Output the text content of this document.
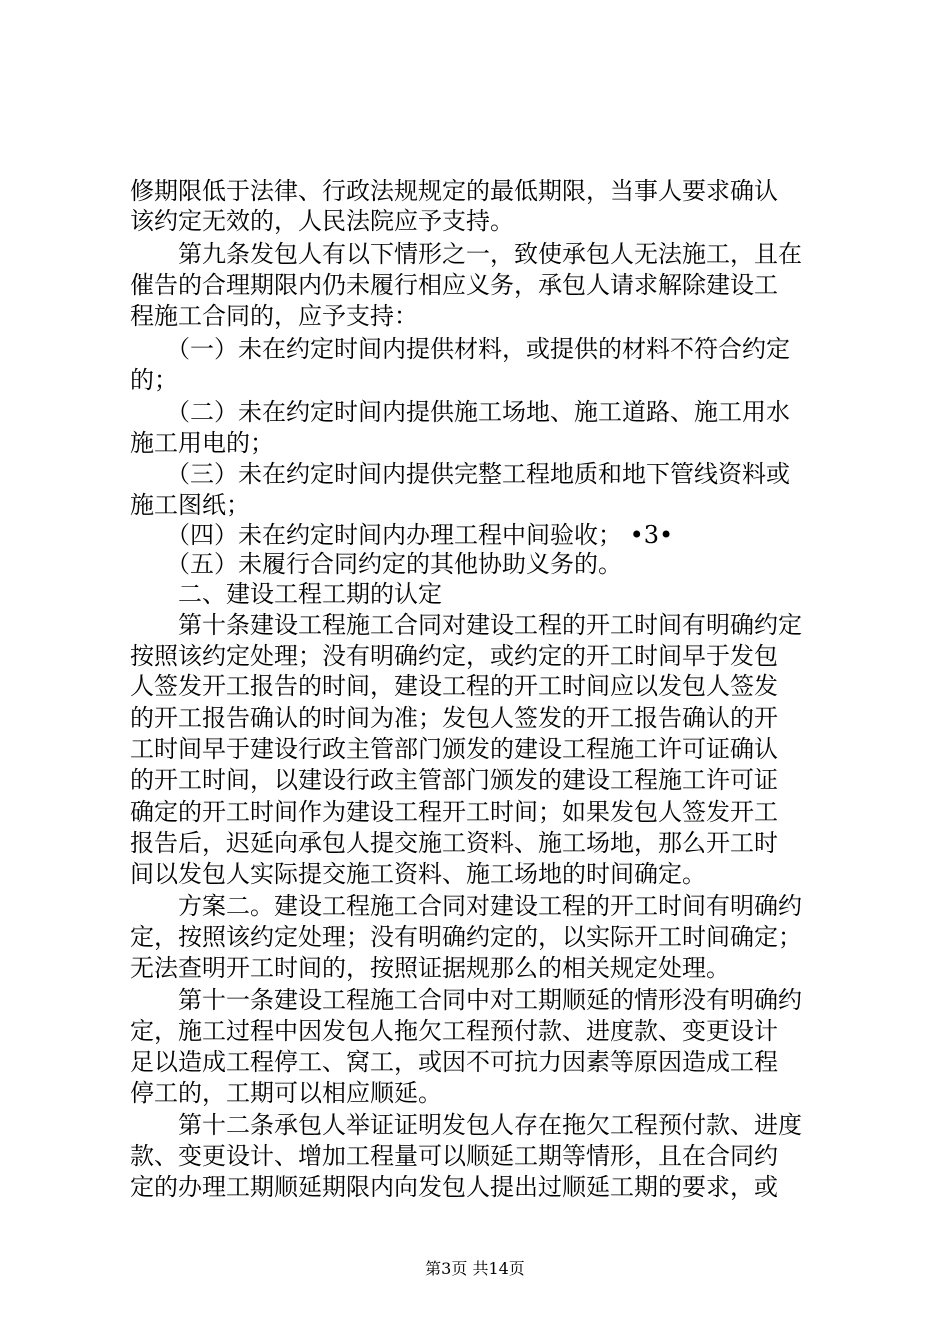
修期限低于法律、行政法规规定的最低期限，当事人要求确认
该约定无效的，人民法院应予支持。
　　第九条发包人有以下情形之一，致使承包人无法施工，且在
催告的合理期限内仍未履行相应义务，承包人请求解除建设工
程施工合同的，应予支持：
　　（一）未在约定时间内提供材料，或提供的材料不符合约定
的；
　　（二）未在约定时间内提供施工场地、施工道路、施工用水
施工用电的；
　　（三）未在约定时间内提供完整工程地质和地下管线资料或
施工图纸；
　　（四）未在约定时间内办理工程中间验收； •3•
　　（五）未履行合同约定的其他协助义务的。
　　二、建设工程工期的认定
　　第十条建设工程施工合同对建设工程的开工时间有明确约定
按照该约定处理；没有明确约定，或约定的开工时间早于发包
人签发开工报告的时间，建设工程的开工时间应以发包人签发
的开工报告确认的时间为准；发包人签发的开工报告确认的开
工时间早于建设行政主管部门颁发的建设工程施工许可证确认
的开工时间，以建设行政主管部门颁发的建设工程施工许可证
确定的开工时间作为建设工程开工时间；如果发包人签发开工
报告后，迟延向承包人提交施工资料、施工场地，那么开工时
间以发包人实际提交施工资料、施工场地的时间确定。
　　方案二。建设工程施工合同对建设工程的开工时间有明确约
定，按照该约定处理；没有明确约定的，以实际开工时间确定；
无法查明开工时间的，按照证据规那么的相关规定处理。
　　第十一条建设工程施工合同中对工期顺延的情形没有明确约
定，施工过程中因发包人拖欠工程预付款、进度款、变更设计
足以造成工程停工、窝工，或因不可抗力因素等原因造成工程
停工的，工期可以相应顺延。
　　第十二条承包人举证证明发包人存在拖欠工程预付款、进度
款、变更设计、增加工程量可以顺延工期等情形，且在合同约
定的办理工期顺延期限内向发包人提出过顺延工期的要求，或
第3页 共14页
